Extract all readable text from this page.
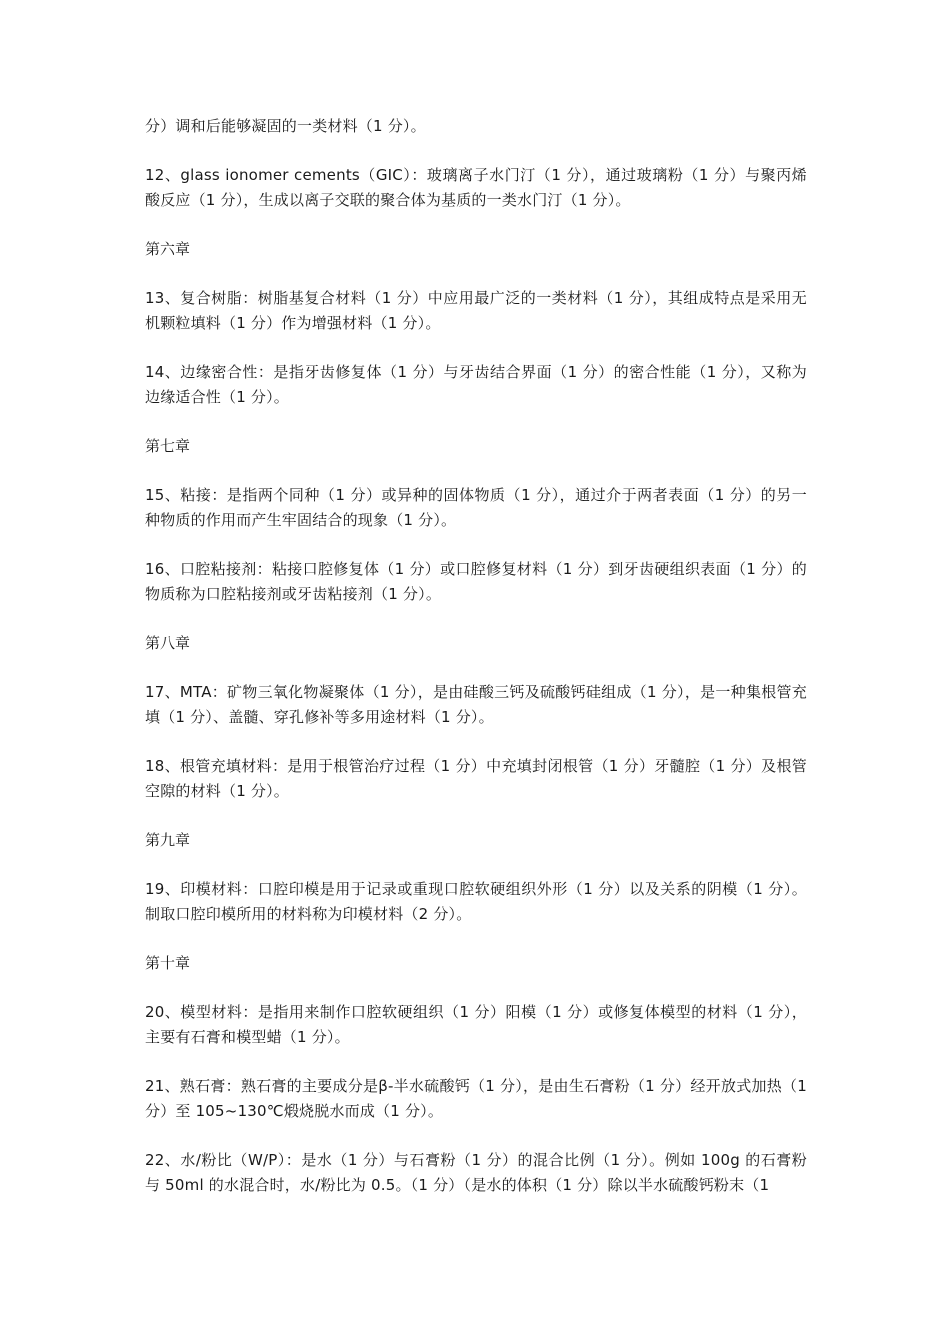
分）调和后能够凝固的一类材料（1 分）。

12、glass ionomer cements（GIC）：玻璃离子水门汀（1 分），通过玻璃粉（1 分）与聚丙烯酸反应（1 分），生成以离子交联的聚合体为基质的一类水门汀（1 分）。

第六章

13、复合树脂：树脂基复合材料（1 分）中应用最广泛的一类材料（1 分），其组成特点是采用无机颗粒填料（1 分）作为增强材料（1 分）。

14、边缘密合性：是指牙齿修复体（1 分）与牙齿结合界面（1 分）的密合性能（1 分），又称为边缘适合性（1 分）。

第七章

15、粘接：是指两个同种（1 分）或异种的固体物质（1 分），通过介于两者表面（1 分）的另一种物质的作用而产生牢固结合的现象（1 分）。

16、口腔粘接剂：粘接口腔修复体（1 分）或口腔修复材料（1 分）到牙齿硬组织表面（1 分）的物质称为口腔粘接剂或牙齿粘接剂（1 分）。

第八章

17、MTA：矿物三氧化物凝聚体（1 分），是由硅酸三钙及硫酸钙硅组成（1 分），是一种集根管充填（1 分）、盖髓、穿孔修补等多用途材料（1 分）。

18、根管充填材料：是用于根管治疗过程（1 分）中充填封闭根管（1 分）牙髓腔（1 分）及根管空隙的材料（1 分）。

第九章

19、印模材料：口腔印模是用于记录或重现口腔软硬组织外形（1 分）以及关系的阴模（1 分）。制取口腔印模所用的材料称为印模材料（2 分）。

第十章

20、模型材料：是指用来制作口腔软硬组织（1 分）阳模（1 分）或修复体模型的材料（1 分），主要有石膏和模型蜡（1 分）。

21、熟石膏：熟石膏的主要成分是β-半水硫酸钙（1 分），是由生石膏粉（1 分）经开放式加热（1 分）至 105~130℃煅烧脱水而成（1 分）。

22、水/粉比（W/P）：是水（1 分）与石膏粉（1 分）的混合比例（1 分）。例如 100g 的石膏粉与 50ml 的水混合时，水/粉比为 0.5。（1 分）（是水的体积（1 分）除以半水硫酸钙粉末（1
